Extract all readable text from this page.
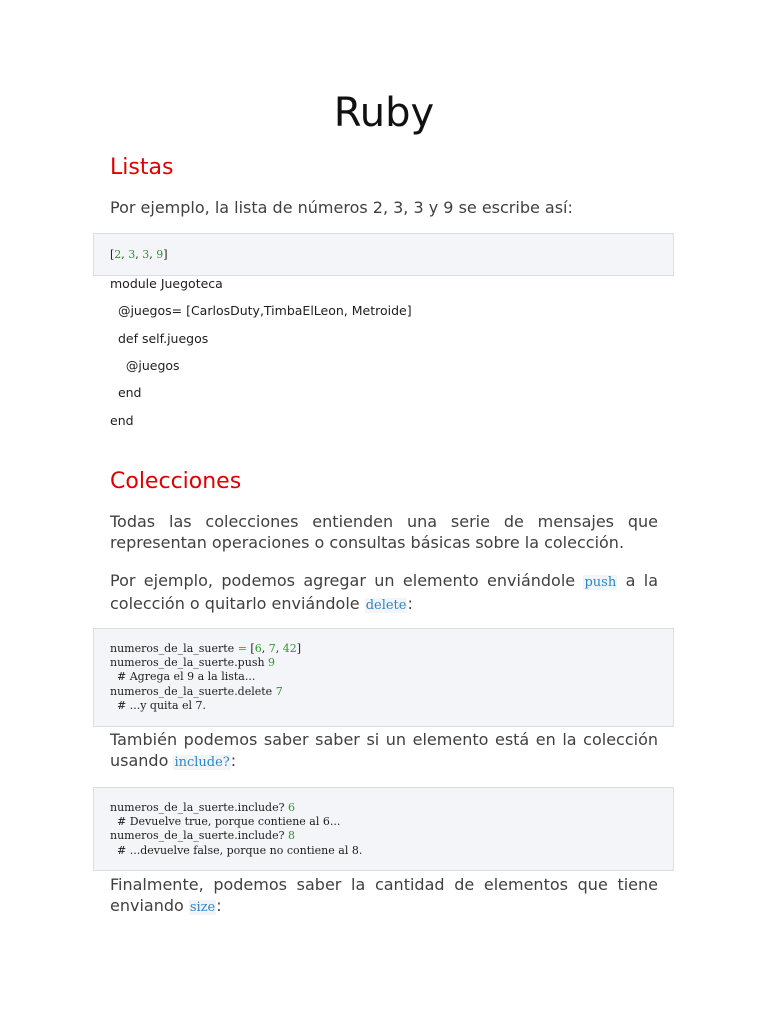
Ruby
Listas
Por ejemplo, la lista de números 2, 3, 3 y 9 se escribe así:
[2, 3, 3, 9]
module Juegoteca
@juegos= [CarlosDuty,TimbaElLeon, Metroide]
def self.juegos
@juegos
end
end
Colecciones
Todas las colecciones entienden una serie de mensajes que representan operaciones o consultas básicas sobre la colección.
Por ejemplo, podemos agregar un elemento enviándole push a la colección o quitarlo enviándole delete:
numeros_de_la_suerte = [6, 7, 42]
numeros_de_la_suerte.push 9
# Agrega el 9 a la lista...
numeros_de_la_suerte.delete 7
# ...y quita el 7.
También podemos saber saber si un elemento está en la colección usando include?:
numeros_de_la_suerte.include? 6
# Devuelve true, porque contiene al 6...
numeros_de_la_suerte.include? 8
# ...devuelve false, porque no contiene al 8.
Finalmente, podemos saber la cantidad de elementos que tiene enviando size:
